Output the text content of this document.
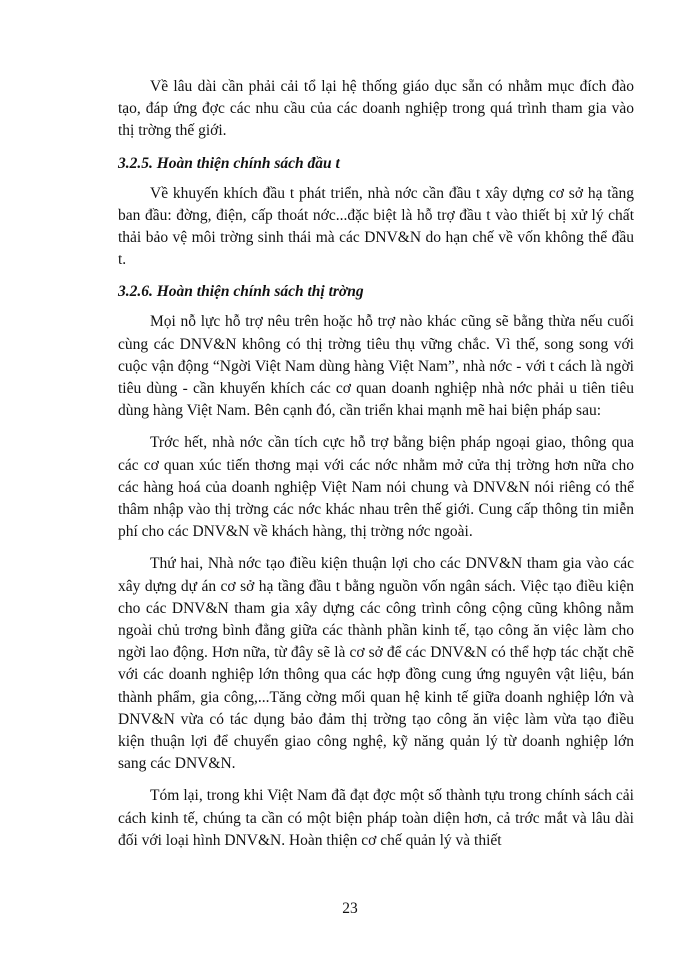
Về lâu dài cần phải cải tổ lại hệ thống giáo dục sẵn có nhằm mục đích đào tạo, đáp ứng đợc các nhu cầu của các doanh nghiệp trong quá trình tham gia vào thị trờng thế giới.

3.2.5. Hoàn thiện chính sách đầu t

Về khuyến khích đầu t phát triển, nhà nớc cần đầu t xây dựng cơ sở hạ tầng ban đầu: đờng, điện, cấp thoát nớc...đặc biệt là hỗ trợ đầu t vào thiết bị xử lý chất thải bảo vệ môi trờng sinh thái mà các DNV&N do hạn chế về vốn không thể đầu t.

3.2.6. Hoàn thiện chính sách thị trờng

Mọi nỗ lực hỗ trợ nêu trên hoặc hỗ trợ nào khác cũng sẽ bằng thừa nếu cuối cùng các DNV&N không có thị trờng tiêu thụ vững chắc. Vì thế, song song với cuộc vận động “Ngời Việt Nam dùng hàng Việt Nam”, nhà nớc - với t cách là ngời tiêu dùng - cần khuyến khích các cơ quan doanh nghiệp nhà nớc phải u tiên tiêu dùng hàng Việt Nam. Bên cạnh đó, cần triển khai mạnh mẽ hai biện pháp sau:

Trớc hết, nhà nớc cần tích cực hỗ trợ bằng biện pháp ngoại giao, thông qua các cơ quan xúc tiến thơng mại với các nớc nhằm mở cửa thị trờng hơn nữa cho các hàng hoá của doanh nghiệp Việt Nam nói chung và DNV&N nói riêng có thể thâm nhập vào thị trờng các nớc khác nhau trên thế giới. Cung cấp thông tin miễn phí cho các DNV&N về khách hàng, thị trờng nớc ngoài.

Thứ hai, Nhà nớc tạo điều kiện thuận lợi cho các DNV&N tham gia vào các xây dựng dự án cơ sở hạ tầng đầu t bằng nguồn vốn ngân sách. Việc tạo điều kiện cho các DNV&N tham gia xây dựng các công trình công cộng cũng không nằm ngoài chủ trơng bình đẳng giữa các thành phần kinh tế, tạo công ăn việc làm cho ngời lao động. Hơn nữa, từ đây sẽ là cơ sở để các DNV&N có thể hợp tác chặt chẽ với các doanh nghiệp lớn thông qua các hợp đồng cung ứng nguyên vật liệu, bán thành phẩm, gia công,...Tăng cờng mối quan hệ kinh tế giữa doanh nghiệp lớn và DNV&N vừa có tác dụng bảo đảm thị trờng tạo công ăn việc làm vừa tạo điều kiện thuận lợi để chuyển giao công nghệ, kỹ năng quản lý từ doanh nghiệp lớn sang các DNV&N.

Tóm lại, trong khi Việt Nam đã đạt đợc một số thành tựu trong chính sách cải cách kinh tế, chúng ta cần có một biện pháp toàn diện hơn, cả trớc mắt và lâu dài đối với loại hình DNV&N. Hoàn thiện cơ chế quản lý và thiết

23
